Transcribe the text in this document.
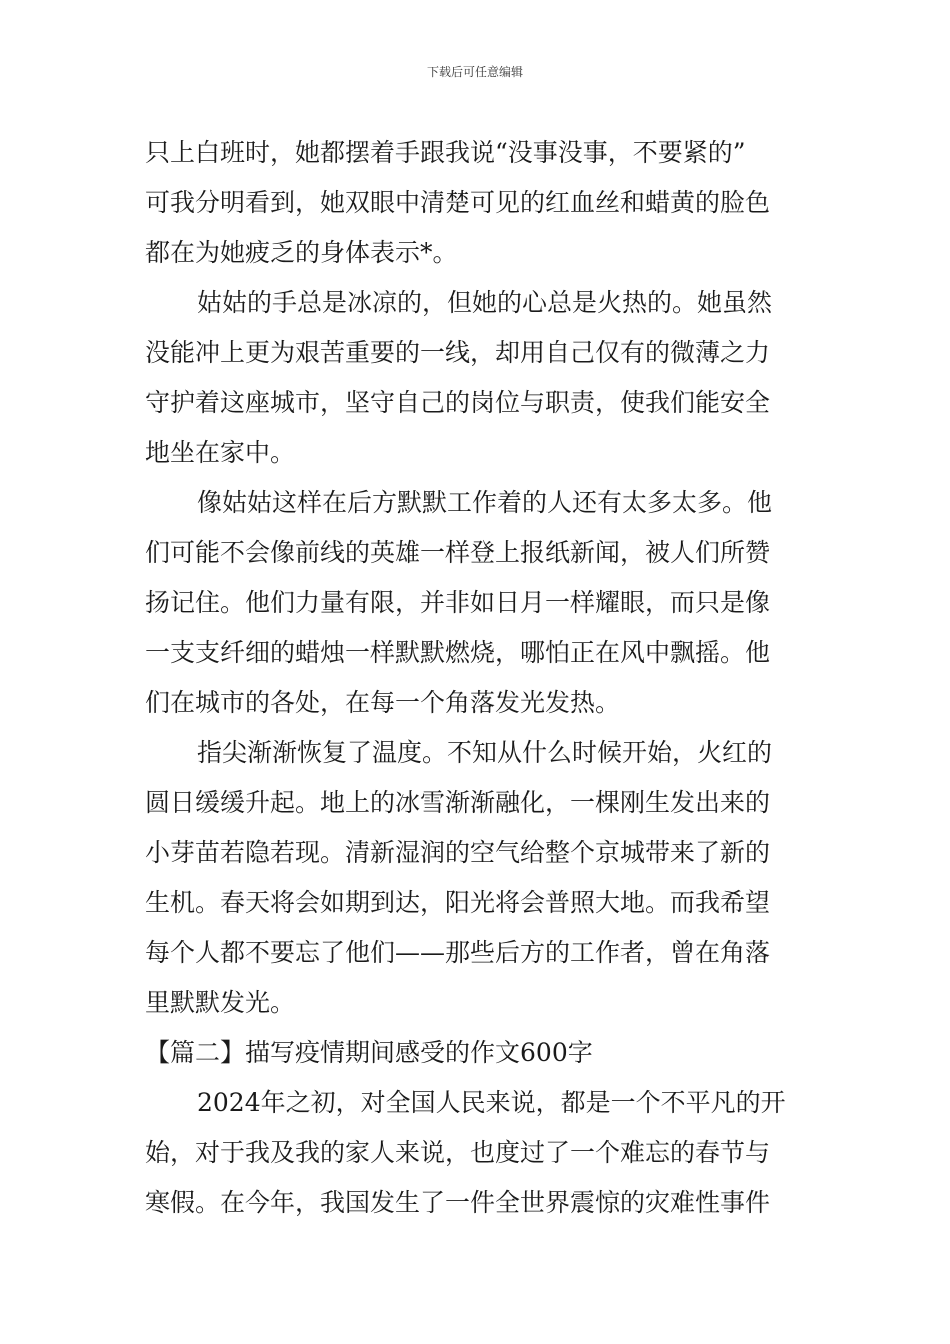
下载后可任意编辑
只上白班时，她都摆着手跟我说“没事没事，不要紧的”
可我分明看到，她双眼中清楚可见的红血丝和蜡黄的脸色
都在为她疲乏的身体表示*。
姑姑的手总是冰凉的，但她的心总是火热的。她虽然
没能冲上更为艰苦重要的一线，却用自己仅有的微薄之力
守护着这座城市，坚守自己的岗位与职责，使我们能安全
地坐在家中。
像姑姑这样在后方默默工作着的人还有太多太多。他
们可能不会像前线的英雄一样登上报纸新闻，被人们所赞
扬记住。他们力量有限，并非如日月一样耀眼，而只是像
一支支纤细的蜡烛一样默默燃烧，哪怕正在风中飘摇。他
们在城市的各处，在每一个角落发光发热。
指尖渐渐恢复了温度。不知从什么时候开始，火红的
圆日缓缓升起。地上的冰雪渐渐融化，一棵刚生发出来的
小芽苗若隐若现。清新湿润的空气给整个京城带来了新的
生机。春天将会如期到达，阳光将会普照大地。而我希望
每个人都不要忘了他们——那些后方的工作者，曾在角落
里默默发光。
【篇二】描写疫情期间感受的作文600字
2024年之初，对全国人民来说，都是一个不平凡的开
始，对于我及我的家人来说，也度过了一个难忘的春节与
寒假。在今年，我国发生了一件全世界震惊的灾难性事件
